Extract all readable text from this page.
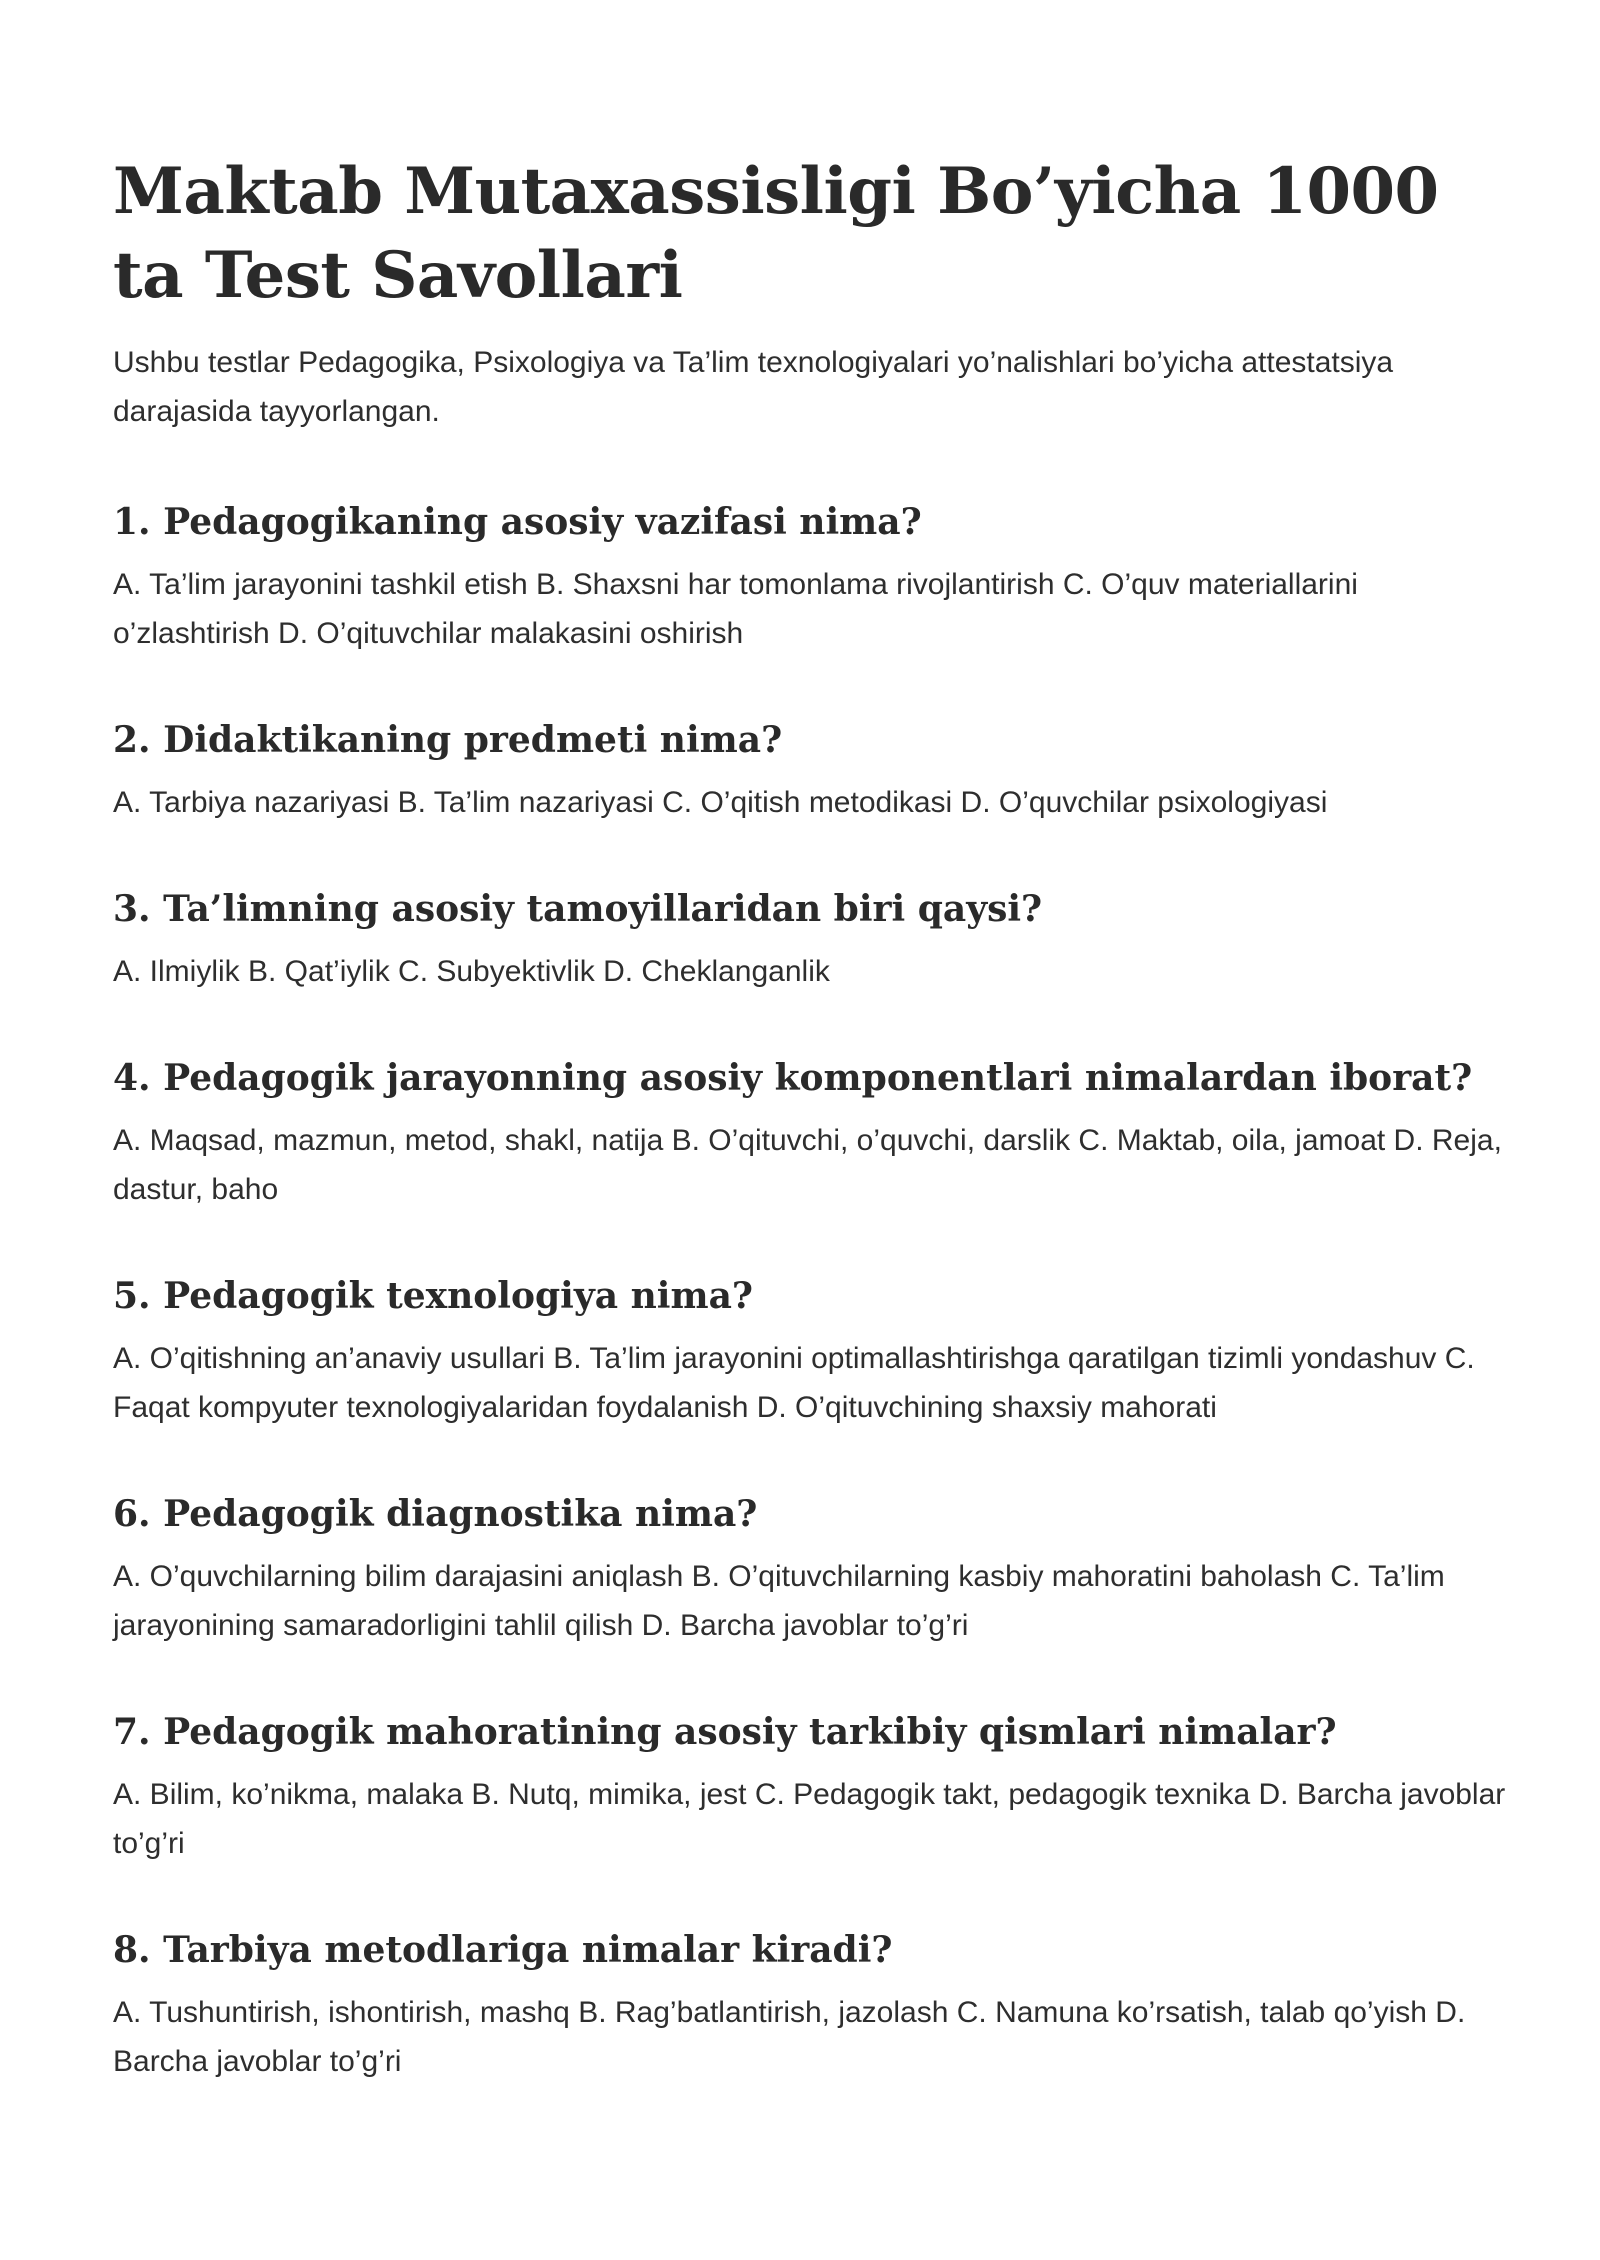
Maktab Mutaxassisligi Bo’yicha 1000 ta Test Savollari

Ushbu testlar Pedagogika, Psixologiya va Ta’lim texnologiyalari yo’nalishlari bo’yicha attestatsiya darajasida tayyorlangan.

1. Pedagogikaning asosiy vazifasi nima?

A. Ta’lim jarayonini tashkil etish B. Shaxsni har tomonlama rivojlantirish C. O’quv materiallarini o’zlashtirish D. O’qituvchilar malakasini oshirish

2. Didaktikaning predmeti nima?

A. Tarbiya nazariyasi B. Ta’lim nazariyasi C. O’qitish metodikasi D. O’quvchilar psixologiyasi

3. Ta’limning asosiy tamoyillaridan biri qaysi?

A. Ilmiylik B. Qat’iylik C. Subyektivlik D. Cheklanganlik

4. Pedagogik jarayonning asosiy komponentlari nimalardan iborat?

A. Maqsad, mazmun, metod, shakl, natija B. O’qituvchi, o’quvchi, darslik C. Maktab, oila, jamoat D. Reja, dastur, baho

5. Pedagogik texnologiya nima?

A. O’qitishning an’anaviy usullari B. Ta’lim jarayonini optimallashtirishga qaratilgan tizimli yondashuv C. Faqat kompyuter texnologiyalaridan foydalanish D. O’qituvchining shaxsiy mahorati

6. Pedagogik diagnostika nima?

A. O’quvchilarning bilim darajasini aniqlash B. O’qituvchilarning kasbiy mahoratini baholash C. Ta’lim jarayonining samaradorligini tahlil qilish D. Barcha javoblar to’g’ri

7. Pedagogik mahoratining asosiy tarkibiy qismlari nimalar?

A. Bilim, ko’nikma, malaka B. Nutq, mimika, jest C. Pedagogik takt, pedagogik texnika D. Barcha javoblar to’g’ri

8. Tarbiya metodlariga nimalar kiradi?

A. Tushuntirish, ishontirish, mashq B. Rag’batlantirish, jazolash C. Namuna ko’rsatish, talab qo’yish D. Barcha javoblar to’g’ri
